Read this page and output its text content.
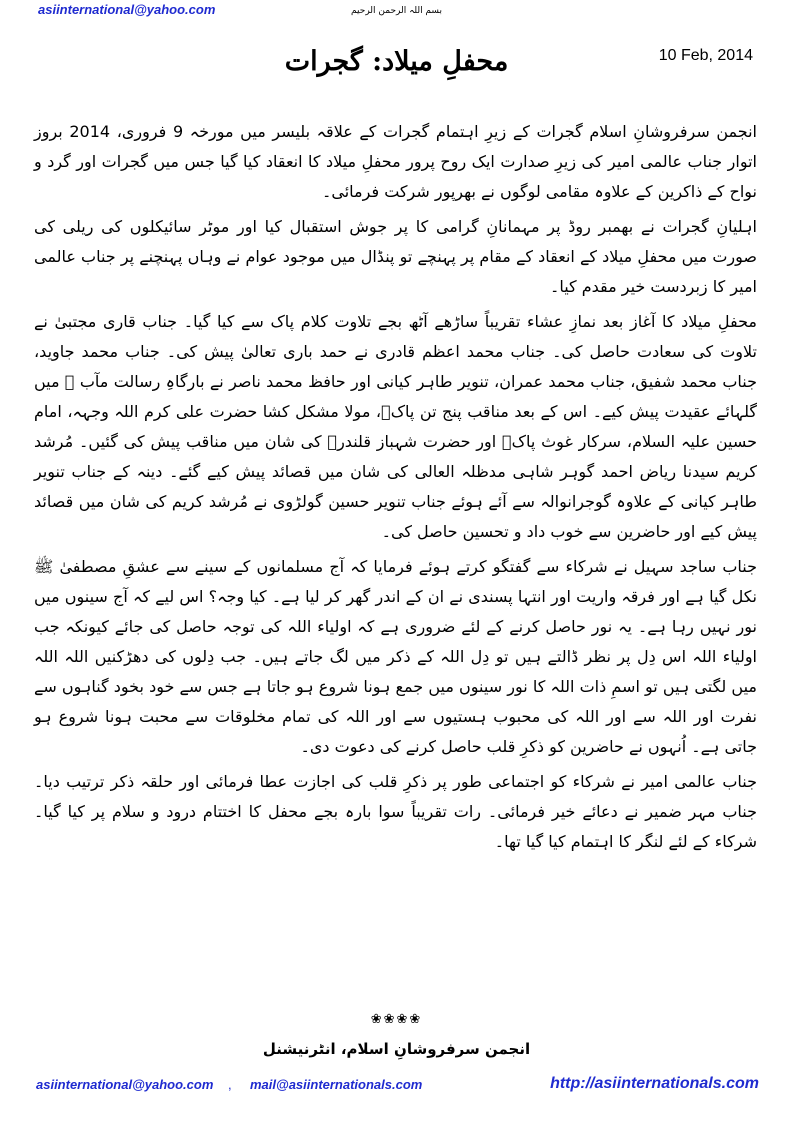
asiinternational@yahoo.com	بسم اللہ الرحمن الرحیم
محفلِ میلاد: گجرات	10 Feb, 2014

انجمن سرفروشانِ اسلام گجرات کے زیرِ اہتمام گجرات کے علاقہ بلیسر میں مورخہ 9 فروری، 2014 بروز اتوار جناب عالمی امیر کی زیرِ صدارت ایک روح پرور محفلِ میلاد کا انعقاد کیا گیا جس میں گجرات اور گرد و نواح کے ذاکرین کے علاوہ مقامی لوگوں نے بھرپور شرکت فرمائی۔

اہلیانِ گجرات نے بھمبر روڈ پر مہمانانِ گرامی کا پر جوش استقبال کیا اور موٹر سائیکلوں کی ریلی کی صورت میں محفلِ میلاد کے انعقاد کے مقام پر پہنچے تو پنڈال میں موجود عوام نے وہاں پہنچنے پر جناب عالمی امیر کا زبردست خیر مقدم کیا۔

محفلِ میلاد کا آغاز بعد نمازِ عشاء تقریباً ساڑھے آٹھ بجے تلاوت کلام پاک سے کیا گیا۔ جناب قاری مجتبیٰ نے تلاوت کی سعادت حاصل کی۔ جناب محمد اعظم قادری نے حمد باری تعالیٰ پیش کی۔ جناب محمد جاوید، جناب محمد شفیق، جناب محمد عمران، تنویر طاہر کیانی اور حافظ محمد ناصر نے بارگاہِ رسالت مآب ﷺ میں گلہائے عقیدت پیش کیے۔ اس کے بعد مناقب پنج تن پاکؑ، مولا مشکل کشا حضرت علی کرم اللہ وجہہ، امام حسین علیہ السلام، سرکار غوث پاکؒ اور حضرت شہباز قلندرؒ کی شان میں مناقب پیش کی گئیں۔ مُرشد کریم سیدنا ریاض احمد گوہر شاہی مدظلہ العالی کی شان میں قصائد پیش کیے گئے۔ دینہ کے جناب تنویر طاہر کیانی کے علاوہ گوجرانوالہ سے آئے ہوئے جناب تنویر حسین گولڑوی نے مُرشد کریم کی شان میں قصائد پیش کیے اور حاضرین سے خوب داد و تحسین حاصل کی۔

جناب ساجد سہیل نے شرکاء سے گفتگو کرتے ہوئے فرمایا کہ آج مسلمانوں کے سینے سے عشقِ مصطفیٰ ﷺ نکل گیا ہے اور فرقہ واریت اور انتہا پسندی نے ان کے اندر گھر کر لیا ہے۔ کیا وجہ؟ اس لیے کہ آج سینوں میں نور نہیں رہا ہے۔ یہ نور حاصل کرنے کے لئے ضروری ہے کہ اولیاء اللہ کی توجہ حاصل کی جائے کیونکہ جب اولیاء اللہ اس دِل پر نظر ڈالتے ہیں تو دِل اللہ کے ذکر میں لگ جاتے ہیں۔ جب دِلوں کی دھڑکنیں اللہ اللہ میں لگتی ہیں تو اسمِ ذات اللہ کا نور سینوں میں جمع ہونا شروع ہو جاتا ہے جس سے خود بخود گناہوں سے نفرت اور اللہ سے اور اللہ کی محبوب ہستیوں سے اور اللہ کی تمام مخلوقات سے محبت ہونا شروع ہو جاتی ہے۔ اُنہوں نے حاضرین کو ذکرِ قلب حاصل کرنے کی دعوت دی۔

جناب عالمی امیر نے شرکاء کو اجتماعی طور پر ذکرِ قلب کی اجازت عطا فرمائی اور حلقہ ذکر ترتیب دیا۔ جناب مہر ضمیر نے دعائے خیر فرمائی۔ رات تقریباً سوا بارہ بجے محفل کا اختتام درود و سلام پر کیا گیا۔ شرکاء کے لئے لنگر کا اہتمام کیا گیا تھا۔

❀❀❀❀
انجمن سرفروشانِ اسلام، انٹرنیشنل
asiinternational@yahoo.com , mail@asiinternationals.com	http://asiinternationals.com
